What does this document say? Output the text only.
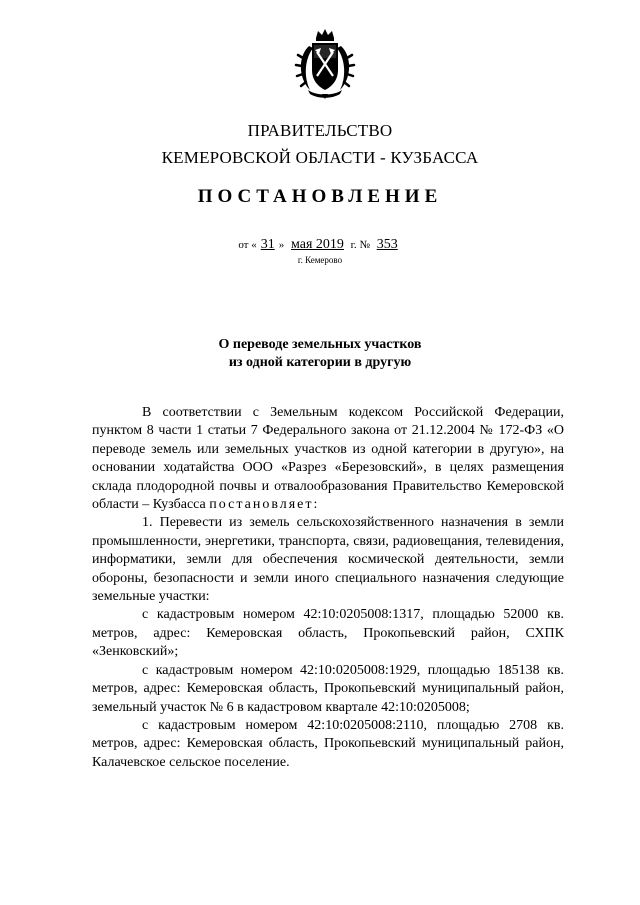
ПРАВИТЕЛЬСТВО
КЕМЕРОВСКОЙ ОБЛАСТИ - КУЗБАССА
ПОСТАНОВЛЕНИЕ
от « 31 » мая 2019 г. № 353
г. Кемерово
О переводе земельных участков
из одной категории в другую

В соответствии с Земельным кодексом Российской Федерации, пунктом 8 части 1 статьи 7 Федерального закона от 21.12.2004 № 172-ФЗ «О переводе земель или земельных участков из одной категории в другую», на основании ходатайства ООО «Разрез «Березовский», в целях размещения склада плодородной почвы и отвалообразования Правительство Кемеровской области – Кузбасса постановляет:

1. Перевести из земель сельскохозяйственного назначения в земли промышленности, энергетики, транспорта, связи, радиовещания, телевидения, информатики, земли для обеспечения космической деятельности, земли обороны, безопасности и земли иного специального назначения следующие земельные участки:

с кадастровым номером 42:10:0205008:1317, площадью 52000 кв. метров, адрес: Кемеровская область, Прокопьевский район, СХПК «Зенковский»;

с кадастровым номером 42:10:0205008:1929, площадью 185138 кв. метров, адрес: Кемеровская область, Прокопьевский муниципальный район, земельный участок № 6 в кадастровом квартале 42:10:0205008;

с кадастровым номером 42:10:0205008:2110, площадью 2708 кв. метров, адрес: Кемеровская область, Прокопьевский муниципальный район, Калачевское сельское поселение.
